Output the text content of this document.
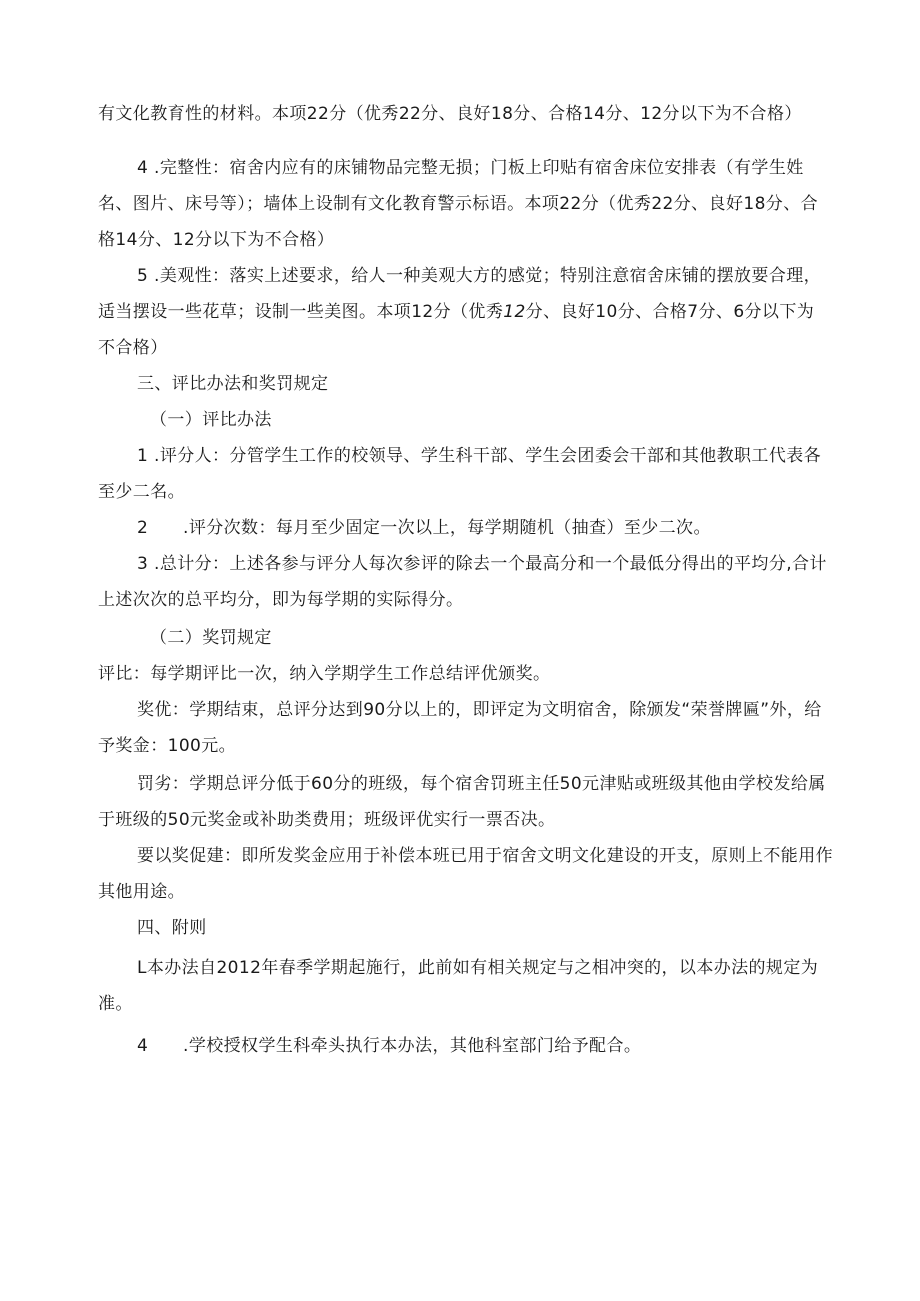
有文化教育性的材料。本项22分（优秀22分、良好18分、合格14分、12分以下为不合格）
4 .完整性：宿舍内应有的床铺物品完整无损；门板上印贴有宿舍床位安排表（有学生姓
名、图片、床号等）；墙体上设制有文化教育警示标语。本项22分（优秀22分、良好18分、合
格14分、12分以下为不合格）
5 .美观性：落实上述要求，给人一种美观大方的感觉；特别注意宿舍床铺的摆放要合理，
适当摆设一些花草；设制一些美图。本项12分（优秀12分、良好10分、合格7分、6分以下为
不合格）
三、评比办法和奖罚规定
（一）评比办法
1 .评分人：分管学生工作的校领导、学生科干部、学生会团委会干部和其他教职工代表各
至少二名。
2      .评分次数：每月至少固定一次以上，每学期随机（抽查）至少二次。
3 .总计分：上述各参与评分人每次参评的除去一个最高分和一个最低分得出的平均分,合计
上述次次的总平均分，即为每学期的实际得分。
（二）奖罚规定
评比：每学期评比一次，纳入学期学生工作总结评优颁奖。
奖优：学期结束，总评分达到90分以上的，即评定为文明宿舍，除颁发“荣誉牌匾”外，给
予奖金：100元。
罚劣：学期总评分低于60分的班级，每个宿舍罚班主任50元津贴或班级其他由学校发给属
于班级的50元奖金或补助类费用；班级评优实行一票否决。
要以奖促建：即所发奖金应用于补偿本班已用于宿舍文明文化建设的开支，原则上不能用作
其他用途。
四、附则
L本办法自2012年春季学期起施行，此前如有相关规定与之相冲突的，以本办法的规定为
准。
4      .学校授权学生科牵头执行本办法，其他科室部门给予配合。
